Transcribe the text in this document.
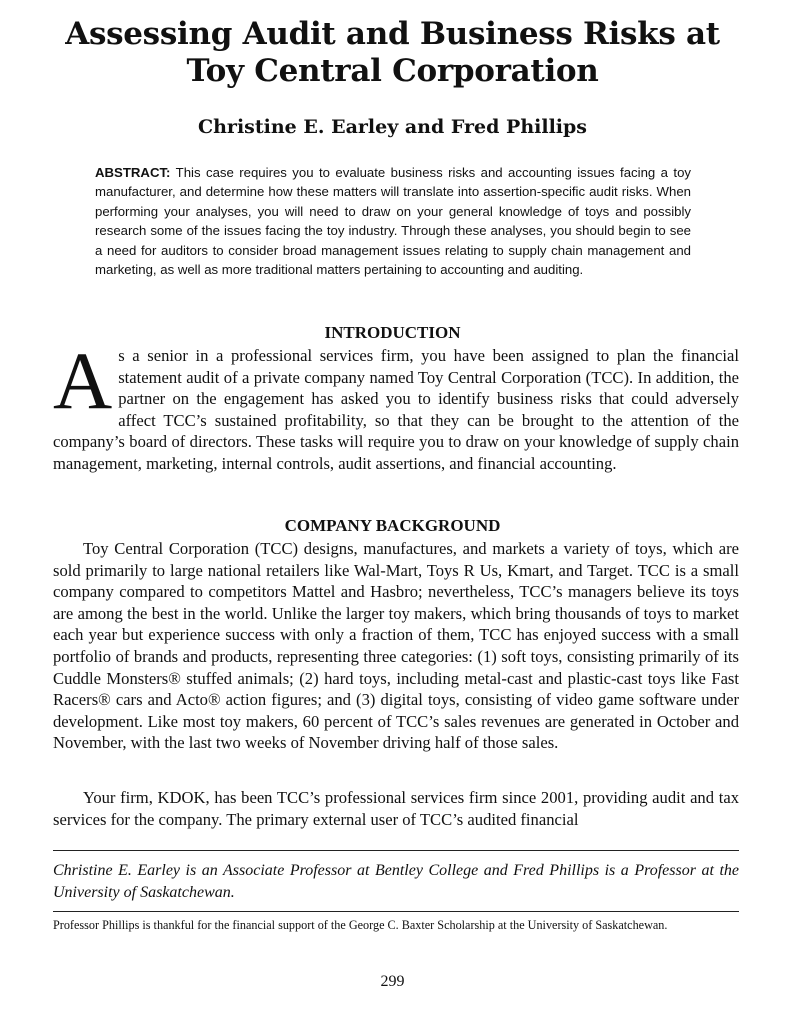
Assessing Audit and Business Risks at
Toy Central Corporation

Christine E. Earley and Fred Phillips

ABSTRACT: This case requires you to evaluate business risks and accounting issues facing a toy manufacturer, and determine how these matters will translate into assertion-specific audit risks. When performing your analyses, you will need to draw on your general knowledge of toys and possibly research some of the issues facing the toy industry. Through these analyses, you should begin to see a need for auditors to consider broad management issues relating to supply chain management and marketing, as well as more traditional matters pertaining to accounting and auditing.

INTRODUCTION

As a senior in a professional services firm, you have been assigned to plan the financial statement audit of a private company named Toy Central Corporation (TCC). In addition, the partner on the engagement has asked you to identify business risks that could adversely affect TCC’s sustained profitability, so that they can be brought to the attention of the company’s board of directors. These tasks will require you to draw on your knowledge of supply chain management, marketing, internal controls, audit assertions, and financial accounting.

COMPANY BACKGROUND

Toy Central Corporation (TCC) designs, manufactures, and markets a variety of toys, which are sold primarily to large national retailers like Wal-Mart, Toys R Us, Kmart, and Target. TCC is a small company compared to competitors Mattel and Hasbro; nevertheless, TCC’s managers believe its toys are among the best in the world. Unlike the larger toy makers, which bring thousands of toys to market each year but experience success with only a fraction of them, TCC has enjoyed success with a small portfolio of brands and products, representing three categories: (1) soft toys, consisting primarily of its Cuddle Monsters® stuffed animals; (2) hard toys, including metal-cast and plastic-cast toys like Fast Racers® cars and Acto® action figures; and (3) digital toys, consisting of video game software under development. Like most toy makers, 60 percent of TCC’s sales revenues are generated in October and November, with the last two weeks of November driving half of those sales.

Your firm, KDOK, has been TCC’s professional services firm since 2001, providing audit and tax services for the company. The primary external user of TCC’s audited financial

Christine E. Earley is an Associate Professor at Bentley College and Fred Phillips is a Professor at the University of Saskatchewan.

Professor Phillips is thankful for the financial support of the George C. Baxter Scholarship at the University of Saskatchewan.

299
